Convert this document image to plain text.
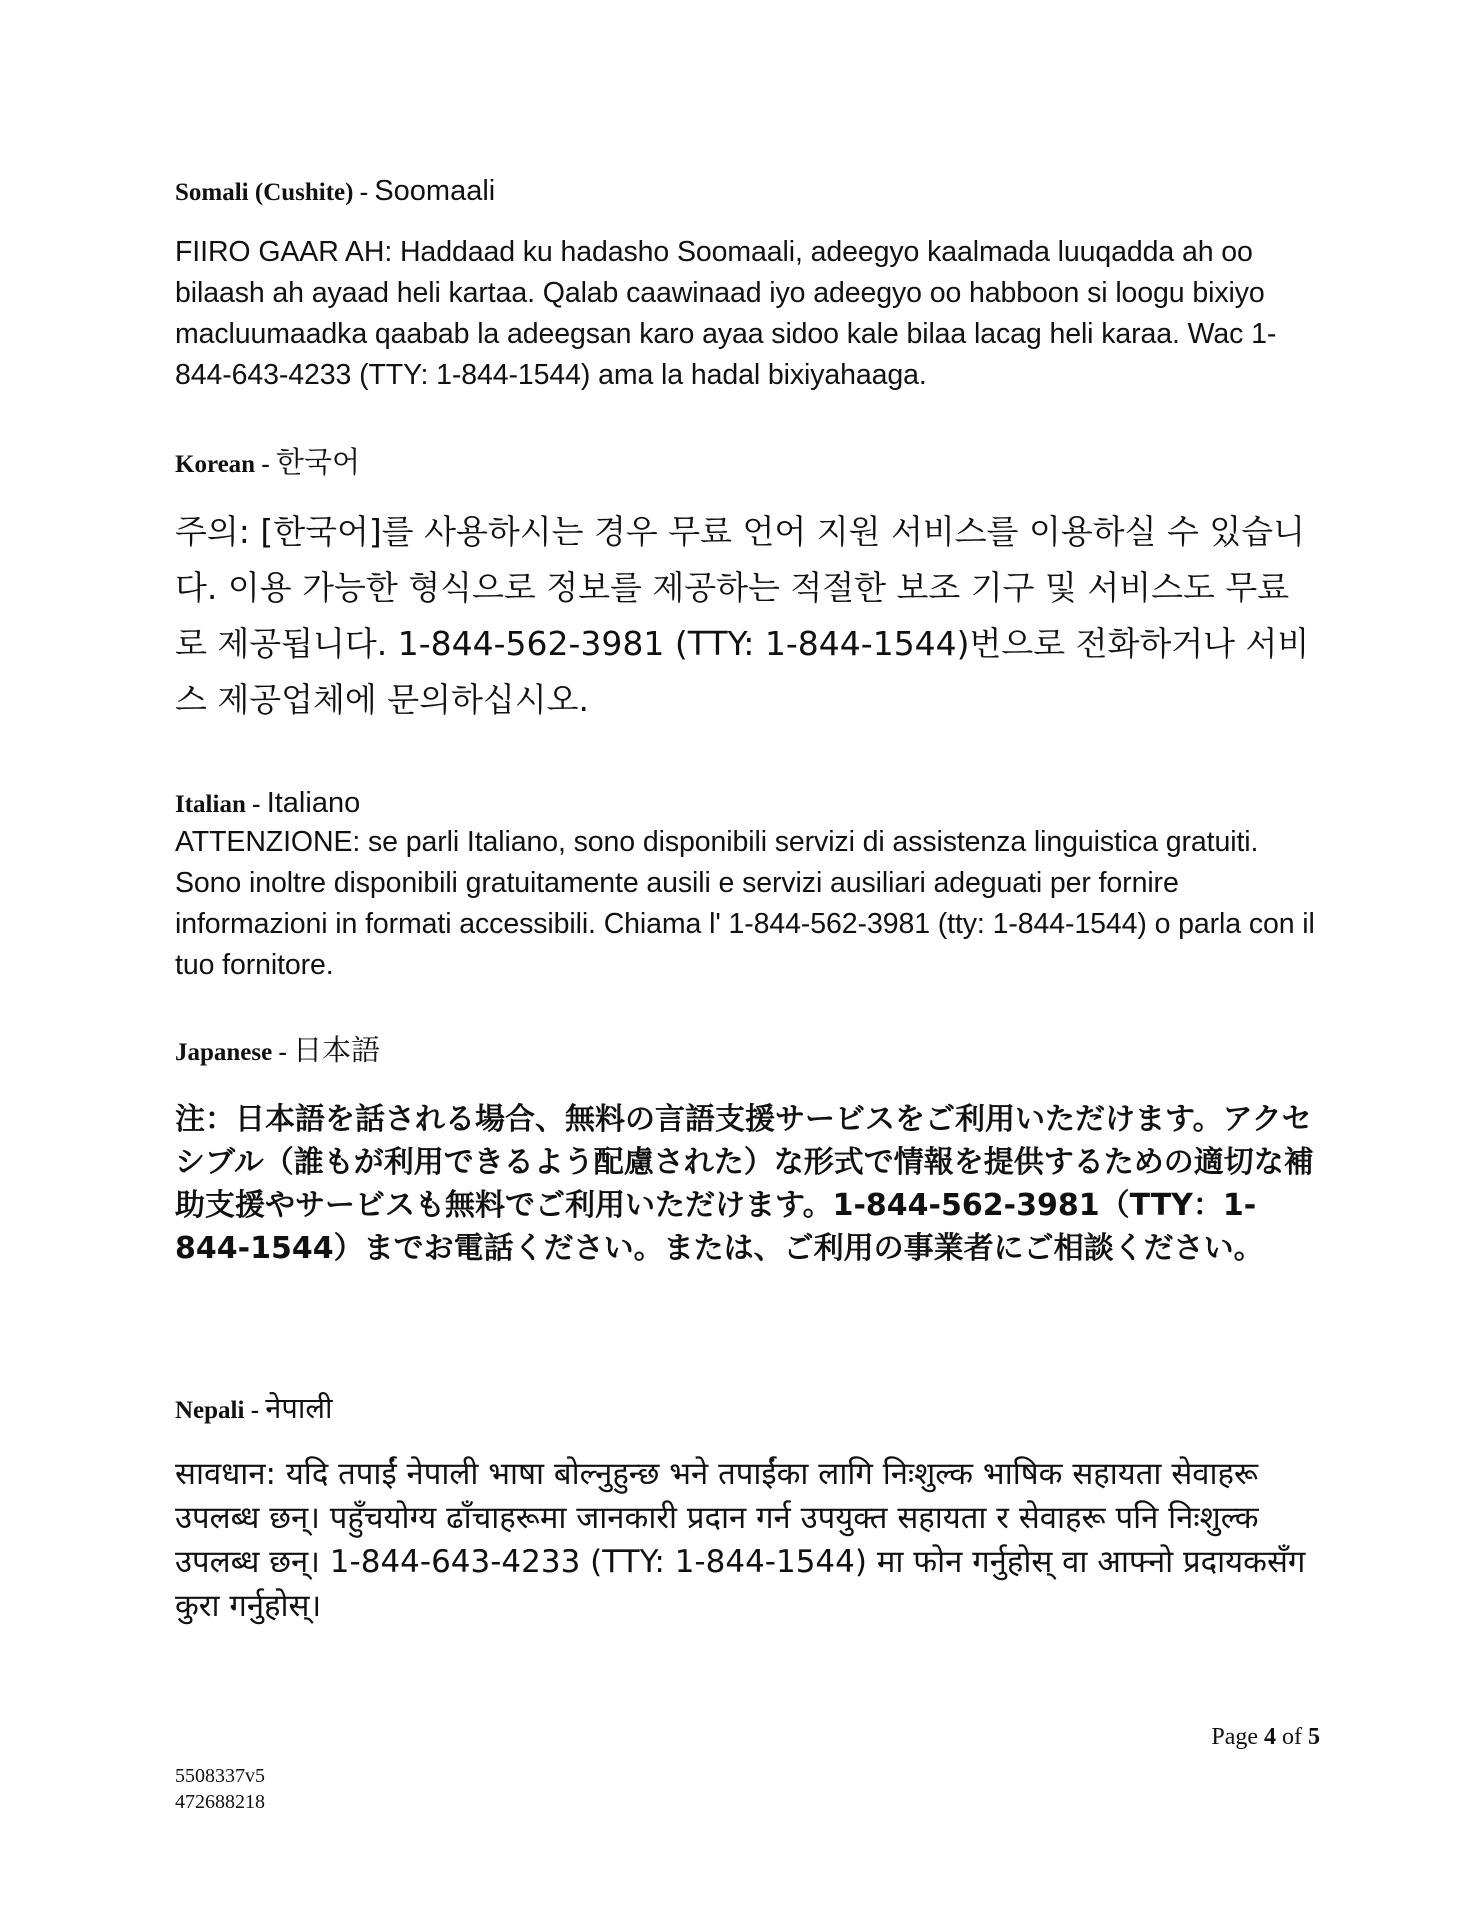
Somali (Cushite) - Soomaali

FIIRO GAAR AH: Haddaad ku hadasho Soomaali, adeegyo kaalmada luuqadda ah oo bilaash ah ayaad heli kartaa. Qalab caawinaad iyo adeegyo oo habboon si loogu bixiyo macluumaadka qaabab la adeegsan karo ayaa sidoo kale bilaa lacag heli karaa. Wac 1-844-643-4233 (TTY: 1-844-1544) ama la hadal bixiyahaaga.

Korean - 한국어

주의: [한국어]를 사용하시는 경우 무료 언어 지원 서비스를 이용하실 수 있습니다. 이용 가능한 형식으로 정보를 제공하는 적절한 보조 기구 및 서비스도 무료로 제공됩니다. 1-844-562-3981 (TTY: 1-844-1544)번으로 전화하거나 서비스 제공업체에 문의하십시오.

Italian - Italiano

ATTENZIONE: se parli Italiano, sono disponibili servizi di assistenza linguistica gratuiti. Sono inoltre disponibili gratuitamente ausili e servizi ausiliari adeguati per fornire informazioni in formati accessibili. Chiama l' 1-844-562-3981 (tty: 1-844-1544) o parla con il tuo fornitore.

Japanese - 日本語

注：日本語を話される場合、無料の言語支援サービスをご利用いただけます。アクセシブル（誰もが利用できるよう配慮された）な形式で情報を提供するための適切な補助支援やサービスも無料でご利用いただけます。1-844-562-3981（TTY：1-844-1544）までお電話ください。または、ご利用の事業者にご相談ください。

Nepali - नेपाली

सावधान: यदि तपाईं नेपाली भाषा बोल्नुहुन्छ भने तपाईंका लागि निःशुल्क भाषिक सहायता सेवाहरू उपलब्ध छन्। पहुँचयोग्य ढाँचाहरूमा जानकारी प्रदान गर्न उपयुक्त सहायता र सेवाहरू पनि निःशुल्क उपलब्ध छन्। 1-844-643-4233 (TTY: 1-844-1544) मा फोन गर्नुहोस् वा आफ्नो प्रदायकसँग कुरा गर्नुहोस्।

Page 4 of 5
5508337v5
472688218
